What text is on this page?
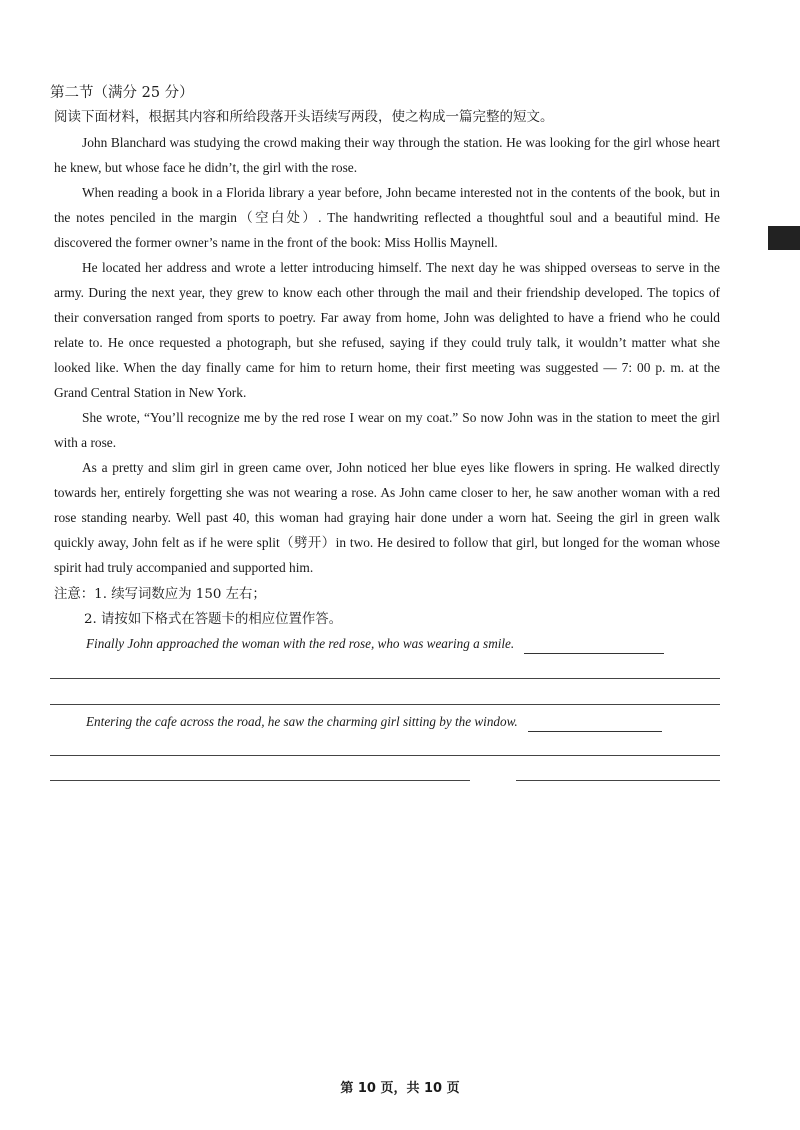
第二节（满分 25 分）
阅读下面材料，根据其内容和所给段落开头语续写两段，使之构成一篇完整的短文。

John Blanchard was studying the crowd making their way through the station. He was looking for the girl whose heart he knew, but whose face he didn’t, the girl with the rose.

When reading a book in a Florida library a year before, John became interested not in the contents of the book, but in the notes penciled in the margin（空白处）. The handwriting reflected a thoughtful soul and a beautiful mind. He discovered the former owner’s name in the front of the book: Miss Hollis Maynell.

He located her address and wrote a letter introducing himself. The next day he was shipped overseas to serve in the army. During the next year, they grew to know each other through the mail and their friendship developed. The topics of their conversation ranged from sports to poetry. Far away from home, John was delighted to have a friend who he could relate to. He once requested a photograph, but she refused, saying if they could truly talk, it wouldn’t matter what she looked like. When the day finally came for him to return home, their first meeting was suggested — 7: 00 p. m. at the Grand Central Station in New York.

She wrote, “You’ll recognize me by the red rose I wear on my coat.” So now John was in the station to meet the girl with a rose.

As a pretty and slim girl in green came over, John noticed her blue eyes like flowers in spring. He walked directly towards her, entirely forgetting she was not wearing a rose. As John came closer to her, he saw another woman with a red rose standing nearby. Well past 40, this woman had graying hair done under a worn hat. Seeing the girl in green walk quickly away, John felt as if he were split（劈开）in two. He desired to follow that girl, but longed for the woman whose spirit had truly accompanied and supported him.

注意：1. 续写词数应为 150 左右；
2. 请按如下格式在答题卡的相应位置作答。
Finally John approached the woman with the red rose, who was wearing a smile.
Entering the cafe across the road, he saw the charming girl sitting by the window.
第 10 页，共 10 页
